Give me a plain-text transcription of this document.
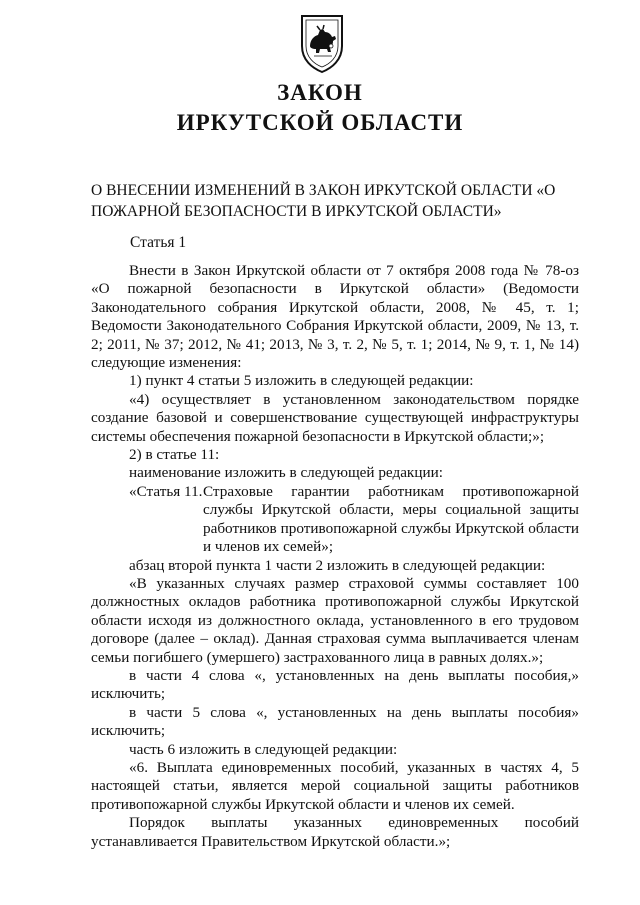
ЗАКОН
ИРКУТСКОЙ ОБЛАСТИ
О ВНЕСЕНИИ ИЗМЕНЕНИЙ В ЗАКОН ИРКУТСКОЙ ОБЛАСТИ «О ПОЖАРНОЙ БЕЗОПАСНОСТИ В ИРКУТСКОЙ ОБЛАСТИ»
Статья 1

Внести в Закон Иркутской области от 7 октября 2008 года № 78-оз «О пожарной безопасности в Иркутской области» (Ведомости Законодательного собрания Иркутской области, 2008, № 45, т. 1; Ведомости Законодательного Собрания Иркутской области, 2009, № 13, т. 2; 2011, № 37; 2012, № 41; 2013, № 3, т. 2, № 5, т. 1; 2014, № 9, т. 1, № 14) следующие изменения:

1) пункт 4 статьи 5 изложить в следующей редакции:

«4) осуществляет в установленном законодательством порядке создание базовой и совершенствование существующей инфраструктуры системы обеспечения пожарной безопасности в Иркутской области;»;

2) в статье 11:

наименование изложить в следующей редакции:

«Статья 11. Страховые гарантии работникам противопожарной службы Иркутской области, меры социальной защиты работников противопожарной службы Иркутской области и членов их семей»;

абзац второй пункта 1 части 2 изложить в следующей редакции:

«В указанных случаях размер страховой суммы составляет 100 должностных окладов работника противопожарной службы Иркутской области исходя из должностного оклада, установленного в его трудовом договоре (далее – оклад). Данная страховая сумма выплачивается членам семьи погибшего (умершего) застрахованного лица в равных долях.»;

в части 4 слова «, установленных на день выплаты пособия,» исключить;

в части 5 слова «, установленных на день выплаты пособия» исключить;

часть 6 изложить в следующей редакции:

«6. Выплата единовременных пособий, указанных в частях 4, 5 настоящей статьи, является мерой социальной защиты работников противопожарной службы Иркутской области и членов их семей.

Порядок выплаты указанных единовременных пособий устанавливается Правительством Иркутской области.»;
